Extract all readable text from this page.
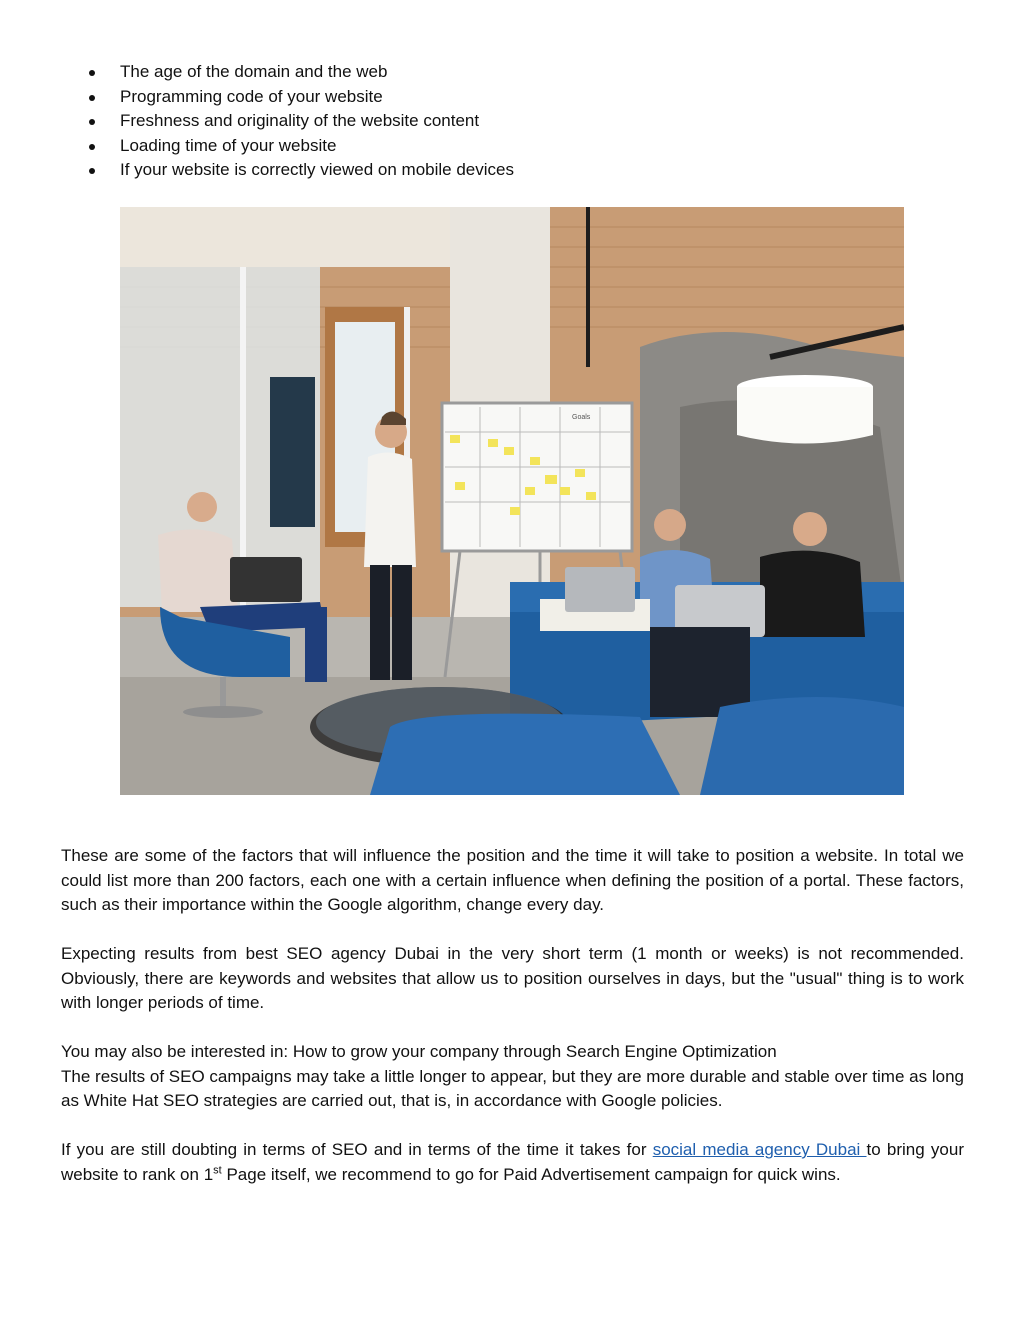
The age of the domain and the web
Programming code of your website
Freshness and originality of the website content
Loading time of your website
If your website is correctly viewed on mobile devices
Goals

These are some of the factors that will influence the position and the time it will take to position a website. In total we could list more than 200 factors, each one with a certain influence when defining the position of a portal. These factors, such as their importance within the Google algorithm, change every day.

Expecting results from best SEO agency Dubai in the very short term (1 month or weeks) is not recommended. Obviously, there are keywords and websites that allow us to position ourselves in days, but the "usual" thing is to work with longer periods of time.

You may also be interested in: How to grow your company through Search Engine Optimization
The results of SEO campaigns may take a little longer to appear, but they are more durable and stable over time as long as White Hat SEO strategies are carried out, that is, in accordance with Google policies.

If you are still doubting in terms of SEO and in terms of the time it takes for social media agency Dubai to bring your website to rank on 1st Page itself, we recommend to go for Paid Advertisement campaign for quick wins.
